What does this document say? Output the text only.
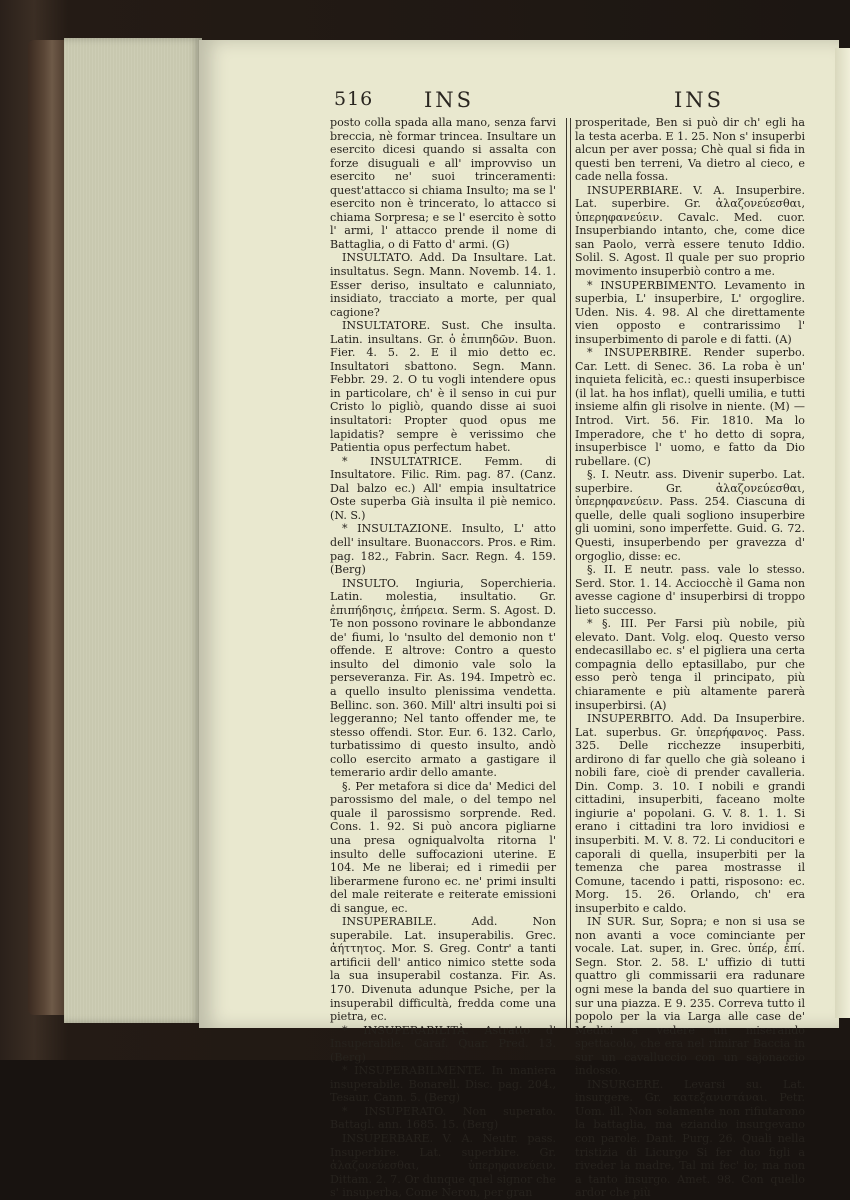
516 INS	INS

posto colla spada alla mano, senza farvi breccia, nè formar trincea. Insultare un esercito dicesi quando si assalta con forze disuguali e all' improvviso un esercito ne' suoi trinceramenti: quest'attacco si chiama Insulto; ma se l' esercito non è trincerato, lo attacco si chiama Sorpresa; e se l' esercito è sotto l' armi, l' attacco prende il nome di Battaglia, o di Fatto d' armi. (G)

INSULTATO. Add. Da Insultare. Lat. insultatus. Segn. Mann. Novemb. 14. 1. Esser deriso, insultato e calunniato, insidiato, tracciato a morte, per qual cagione?

INSULTATORE. Sust. Che insulta. Latin. insultans. Gr. ὁ ἐπιπηδῶν. Buon. Fier. 4. 5. 2. E il mio detto ec. Insultatori sbattono. Segn. Mann. Febbr. 29. 2. O tu vogli intendere opus in particolare, ch' è il senso in cui pur Cristo lo pigliò, quando disse ai suoi insultatori: Propter quod opus me lapidatis? sempre è verissimo che Patientia opus perfectum habet.

* INSULTATRICE. Femm. di Insultatore. Filic. Rim. pag. 87. (Canz. Dal balzo ec.) All' empia insultatrice Oste superba Già insulta il piè nemico. (N. S.)

* INSULTAZIONE. Insulto, L' atto dell' insultare. Buonaccors. Pros. e Rim. pag. 182., Fabrin. Sacr. Regn. 4. 159. (Berg)

INSULTO. Ingiuria, Soperchieria. Latin. molestia, insultatio. Gr. ἐπιπήδησις, ἐπήρεια. Serm. S. Agost. D. Te non possono rovinare le abbondanze de' fiumi, lo 'nsulto del demonio non t' offende. E altrove: Contro a questo insulto del dimonio vale solo la perseveranza. Fir. As. 194. Impetrò ec. a quello insulto plenissima vendetta. Bellinc. son. 360. Mill' altri insulti poi si leggeranno; Nel tanto offender me, te stesso offendi. Stor. Eur. 6. 132. Carlo, turbatissimo di questo insulto, andò collo esercito armato a gastigare il temerario ardir dello amante.

§. Per metafora si dice da' Medici del parossismo del male, o del tempo nel quale il parossismo sorprende. Red. Cons. 1. 92. Si può ancora pigliarne una presa ogniqualvolta ritorna l' insulto delle suffocazioni uterine. E 104. Me ne liberai; ed i rimedii per liberarmene furono ec. ne' primi insulti del male reiterate e reiterate emissioni di sangue, ec.

INSUPERABILE. Add. Non superabile. Lat. insuperabilis. Grec. ἀήττητος. Mor. S. Greg. Contr' a tanti artificii dell' antico nimico stette soda la sua insuperabil costanza. Fir. As. 170. Divenuta adunque Psiche, per la insuperabil difficultà, fredda come una pietra, ec.

* INSUPERABILITÀ. Astratto d' Insuperabile. Caraf. Quar. Pred. 13. (Berg)

* INSUPERABILMENTE. In maniera insuperabile. Bonarell. Disc. pag. 204., Tesaur. Cann. 5. (Berg)

* INSUPERATO. Non superato. Battagl. ann. 1685. 15. (Berg)

INSUPERBARE. V. A. Neutr. pass. Insuperbire. Lat. superbire. Gr. ἀλαζονεύεσθαι, ὑπερηφανεύειν. Dittam. 2. 7. Or dunque quel signor che s' insuperba, Come Neron, per gran

prosperitade, Ben si può dir ch' egli ha la testa acerba. E 1. 25. Non s' insuperbi alcun per aver possa; Chè qual si fida in questi ben terreni, Va dietro al cieco, e cade nella fossa.

INSUPERBIARE. V. A. Insuperbire. Lat. superbire. Gr. ἀλαζονεύεσθαι, ὑπερηφανεύειν. Cavalc. Med. cuor. Insuperbiando intanto, che, come dice san Paolo, verrà essere tenuto Iddio. Solil. S. Agost. Il quale per suo proprio movimento insuperbiò contro a me.

* INSUPERBIMENTO. Levamento in superbia, L' insuperbire, L' orgoglire. Uden. Nis. 4. 98. Al che direttamente vien opposto e contrarissimo l' insuperbimento di parole e di fatti. (A)

* INSUPERBIRE. Render superbo. Car. Lett. di Senec. 36. La roba è un' inquieta felicità, ec.: questi insuperbisce (il lat. ha hos inflat), quelli umilia, e tutti insieme alfin gli risolve in niente. (M) — Introd. Virt. 56. Fir. 1810. Ma lo Imperadore, che t' ho detto di sopra, insuperbisce l' uomo, e fatto da Dio rubellare. (C)

§. I. Neutr. ass. Divenir superbo. Lat. superbire. Gr. ἀλαζονεύεσθαι, ὑπερηφανεύειν. Pass. 254. Ciascuna di quelle, delle quali sogliono insuperbire gli uomini, sono imperfette. Guid. G. 72. Questi, insuperbendo per gravezza d' orgoglio, disse: ec.

§. II. E neutr. pass. vale lo stesso. Serd. Stor. 1. 14. Acciocchè il Gama non avesse cagione d' insuperbirsi di troppo lieto successo.

* §. III. Per Farsi più nobile, più elevato. Dant. Volg. eloq. Questo verso endecasillabo ec. s' el pigliera una certa compagnia dello eptasillabo, pur che esso però tenga il principato, più chiaramente e più altamente parerà insuperbirsi. (A)

INSUPERBITO. Add. Da Insuperbire. Lat. superbus. Gr. ὑπερήφανος. Pass. 325. Delle ricchezze insuperbiti, ardirono di far quello che già soleano i nobili fare, cioè di prender cavalleria. Din. Comp. 3. 10. I nobili e grandi cittadini, insuperbiti, faceano molte ingiurie a' popolani. G. V. 8. 1. 1. Si erano i cittadini tra loro invidiosi e insuperbiti. M. V. 8. 72. Li conducitori e caporali di quella, insuperbiti per la temenza che parea mostrasse il Comune, tacendo i patti, risposono: ec. Morg. 15. 26. Orlando, ch' era insuperbito e caldo.

IN SUR. Sur, Sopra; e non si usa se non avanti a voce cominciante per vocale. Lat. super, in. Grec. ὑπέρ, ἐπί. Segn. Stor. 2. 58. L' uffizio di tutti quattro gli commissarii era radunare ogni mese la banda del suo quartiere in sur una piazza. E 9. 235. Correva tutto il popolo per la via Larga alle case de' Medici a vedere un miserando spettacolo, che era nel rimirar Baccia in sur un cavalluccio con un sajonaccio indosso.

INSURGERE. Levarsi su. Lat. insurgere. Gr. κατεξανιστάναι. Petr. Uom. ill. Non solamente non rifiutarono la battaglia, ma eziandio insurgevano con parole. Dant. Purg. 26. Quali nella tristizia di Licurgo Si fer duo figli a riveder la madre, Tal mi fec' io; ma non a tanto insurgo. Amet. 98. Con quello ardor che più
